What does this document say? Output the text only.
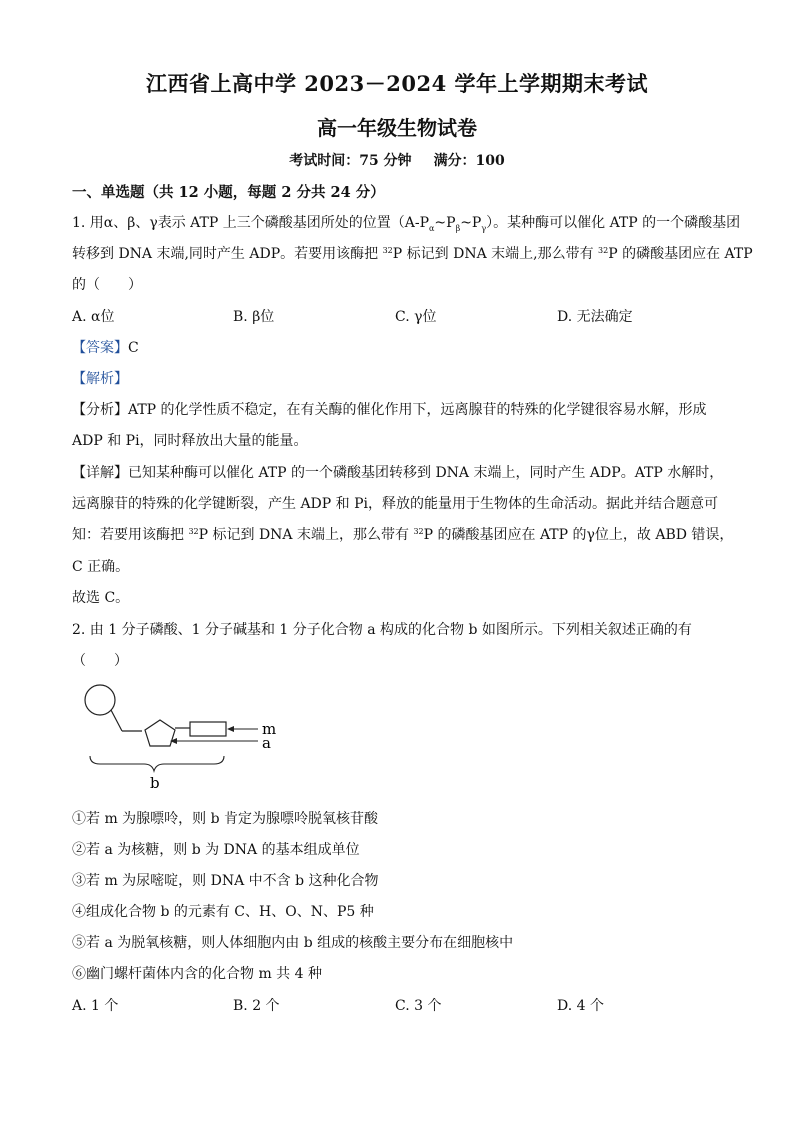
江西省上高中学 2023－2024 学年上学期期末考试
高一年级生物试卷
考试时间：75 分钟 满分：100
一、单选题（共 12 小题，每题 2 分共 24 分）
1. 用α、β、γ表示 ATP 上三个磷酸基团所处的位置$(A-P_\alpha\sim P_\beta\sim P_\gamma)$。某种酶可以催化 ATP 的一个磷酸基团
转移到 DNA 末端,同时产生 ADP。若要用该酶把 $^{32}$P 标记到 DNA 末端上,那么带有 $^{32}$P 的磷酸基团应在 ATP
的（　　）
A. α位	B. β位	C. γ位	D. 无法确定
【答案】C
【解析】
【分析】ATP 的化学性质不稳定，在有关酶的催化作用下，远离腺苷的特殊的化学键很容易水解，形成
ADP 和 Pi，同时释放出大量的能量。
【详解】已知某种酶可以催化 ATP 的一个磷酸基团转移到 DNA 末端上，同时产生 ADP。ATP 水解时，
远离腺苷的特殊的化学键断裂，产生 ADP 和 Pi，释放的能量用于生物体的生命活动。据此并结合题意可
知：若要用该酶把 $^{32}$P 标记到 DNA 末端上，那么带有 $^{32}$P 的磷酸基团应在 ATP 的γ位上，故 ABD 错误，
C 正确。
故选 C。
2. 由 1 分子磷酸、1 分子碱基和 1 分子化合物 a 构成的化合物 b 如图所示。下列相关叙述正确的有
（　　）
m
a
b
①若 m 为腺嘌呤，则 b 肯定为腺嘌呤脱氧核苷酸
②若 a 为核糖，则 b 为 DNA 的基本组成单位
③若 m 为尿嘧啶，则 DNA 中不含 b 这种化合物
④组成化合物 b 的元素有 C、H、O、N、P5 种
⑤若 a 为脱氧核糖，则人体细胞内由 b 组成的核酸主要分布在细胞核中
⑥幽门螺杆菌体内含的化合物 m 共 4 种
A. 1 个	B. 2 个	C. 3 个	D. 4 个
